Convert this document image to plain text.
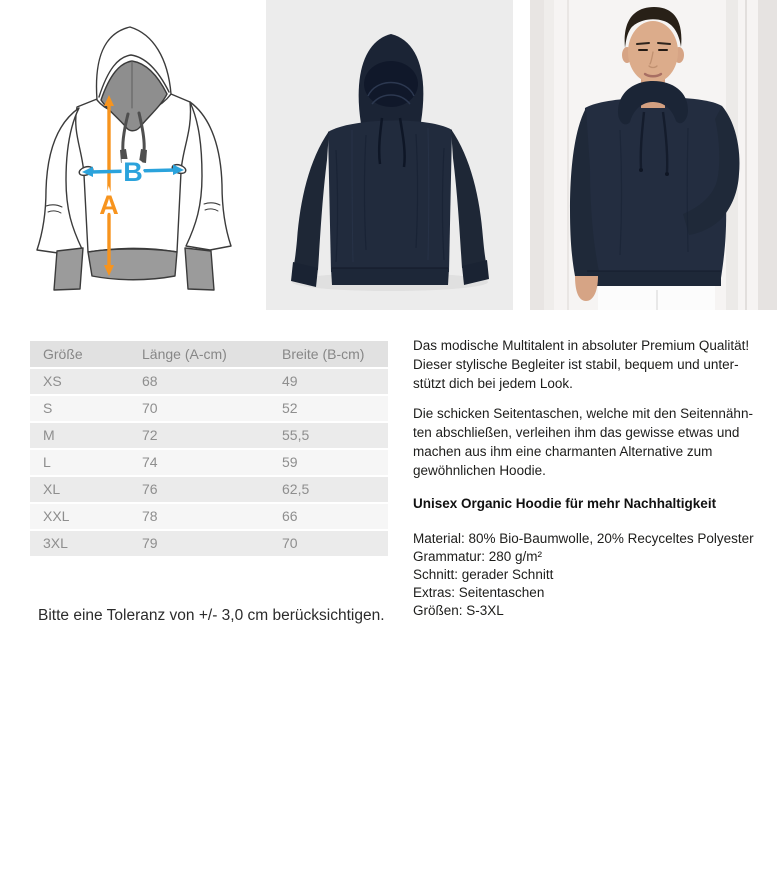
B
A
Größe	Länge (A-cm)	Breite (B-cm)
XS	68	49
S	70	52
M	72	55,5
L	74	59
XL	76	62,5
XXL	78	66
3XL	79	70
Das modische Multitalent in absoluter Premium Qualität!
Dieser stylische Begleiter ist stabil, bequem und unter-
stützt dich bei jedem Look.
Die schicken Seitentaschen, welche mit den Seitennähn-
ten abschließen, verleihen ihm das gewisse etwas und
machen aus ihm eine charmanten Alternative zum
gewöhnlichen Hoodie.
Unisex Organic Hoodie für mehr Nachhaltigkeit
Material: 80% Bio-Baumwolle, 20% Recyceltes Polyester
Grammatur: 280 g/m²
Schnitt: gerader Schnitt
Extras: Seitentaschen
Größen: S-3XL
Bitte eine Toleranz von +/- 3,0 cm berücksichtigen.
